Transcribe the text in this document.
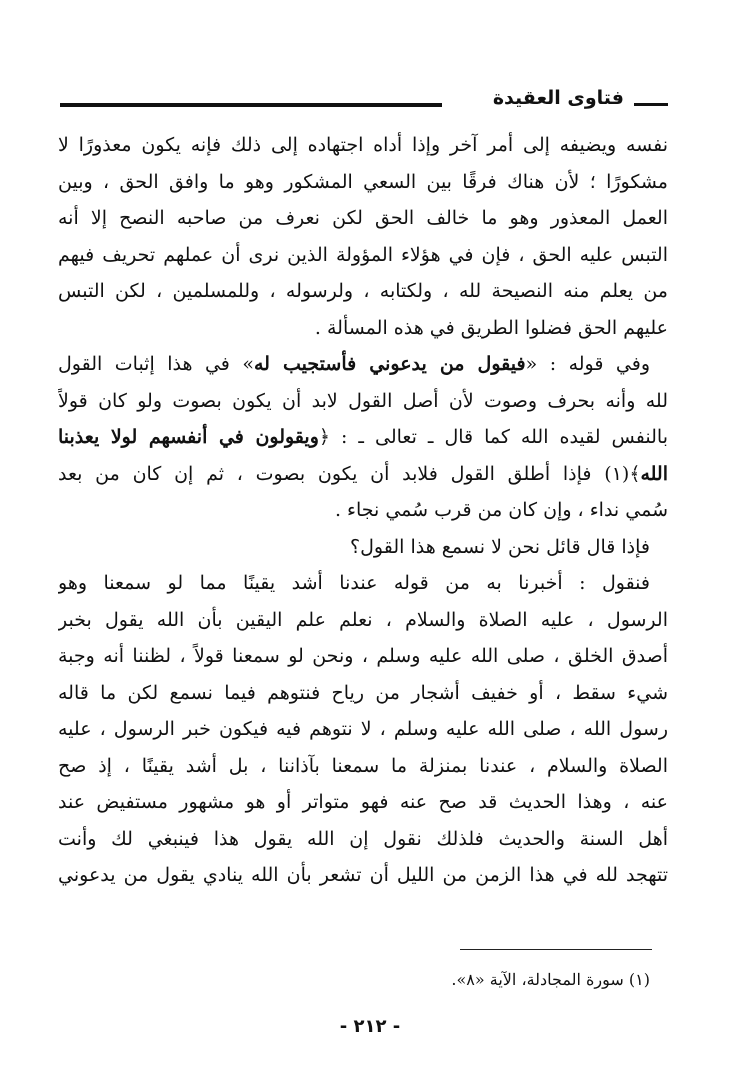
فتاوى العقيدة
نفسه ويضيفه إلى أمر آخر وإذا أداه اجتهاده إلى ذلك فإنه يكون معذورًا لا
مشكورًا ؛ لأن هناك فرقًا بين السعي المشكور وهو ما وافق الحق ، وبين
العمل المعذور وهو ما خالف الحق لكن نعرف من صاحبه النصح إلا أنه
التبس عليه الحق ، فإن في هؤلاء المؤولة الذين نرى أن عملهم تحريف فيهم
من يعلم منه النصيحة لله ، ولكتابه ، ولرسوله ، وللمسلمين ، لكن التبس
عليهم الحق فضلوا الطريق في هذه المسألة .
وفي قوله : «فيقول من يدعوني فأستجيب له» في هذا إثبات القول
لله وأنه بحرف وصوت لأن أصل القول لابد أن يكون بصوت ولو كان قولاً
بالنفس لقيده الله كما قال ـ تعالى ـ : ﴿ويقولون في أنفسهم لولا يعذبنا
الله﴾(١) فإذا أطلق القول فلابد أن يكون بصوت ، ثم إن كان من بعد
سُمي نداء ، وإن كان من قرب سُمي نجاء .
فإذا قال قائل نحن لا نسمع هذا القول؟
فنقول : أخبرنا به من قوله عندنا أشد يقينًا مما لو سمعنا وهو
الرسول ، عليه الصلاة والسلام ، نعلم علم اليقين بأن الله يقول بخبر
أصدق الخلق ، صلى الله عليه وسلم ، ونحن لو سمعنا قولاً ، لظننا أنه وجبة
شيء سقط ، أو خفيف أشجار من رياح فنتوهم فيما نسمع لكن ما قاله
رسول الله ، صلى الله عليه وسلم ، لا نتوهم فيه فيكون خبر الرسول ، عليه
الصلاة والسلام ، عندنا بمنزلة ما سمعنا بآذاننا ، بل أشد يقينًا ، إذ صح
عنه ، وهذا الحديث قد صح عنه فهو متواتر أو هو مشهور مستفيض عند
أهل السنة والحديث فلذلك نقول إن الله يقول هذا فينبغي لك وأنت
تتهجد لله في هذا الزمن من الليل أن تشعر بأن الله ينادي يقول من يدعوني
(١) سورة المجادلة، الآية «٨».
- ٢١٢ -
